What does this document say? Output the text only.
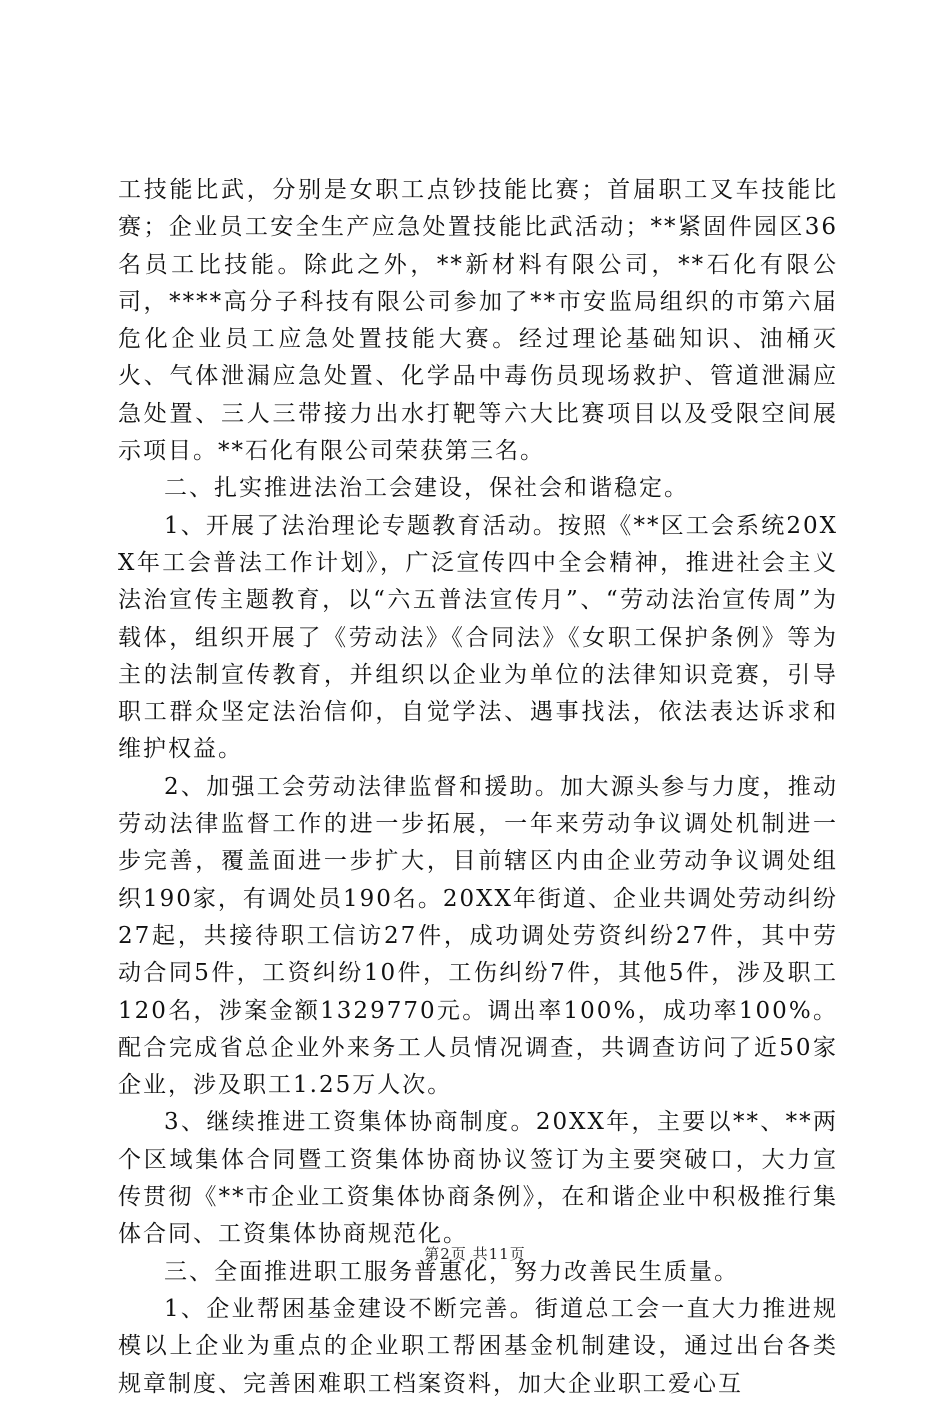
工技能比武，分别是女职工点钞技能比赛；首届职工叉车技能比赛；企业员工安全生产应急处置技能比武活动；**紧固件园区36名员工比技能。除此之外，**新材料有限公司，**石化有限公司，****高分子科技有限公司参加了**市安监局组织的市第六届危化企业员工应急处置技能大赛。经过理论基础知识、油桶灭火、气体泄漏应急处置、化学品中毒伤员现场救护、管道泄漏应急处置、三人三带接力出水打靶等六大比赛项目以及受限空间展示项目。**石化有限公司荣获第三名。

二、扎实推进法治工会建设，保社会和谐稳定。

1、开展了法治理论专题教育活动。按照《**区工会系统20XX年工会普法工作计划》，广泛宣传四中全会精神，推进社会主义法治宣传主题教育，以“六五普法宣传月”、“劳动法治宣传周”为载体，组织开展了《劳动法》《合同法》《女职工保护条例》等为主的法制宣传教育，并组织以企业为单位的法律知识竞赛，引导职工群众坚定法治信仰，自觉学法、遇事找法，依法表达诉求和维护权益。

2、加强工会劳动法律监督和援助。加大源头参与力度，推动劳动法律监督工作的进一步拓展，一年来劳动争议调处机制进一步完善，覆盖面进一步扩大，目前辖区内由企业劳动争议调处组织190家，有调处员190名。20XX年街道、企业共调处劳动纠纷27起，共接待职工信访27件，成功调处劳资纠纷27件，其中劳动合同5件，工资纠纷10件，工伤纠纷7件，其他5件，涉及职工120名，涉案金额1329770元。调出率100%，成功率100%。配合完成省总企业外来务工人员情况调查，共调查访问了近50家企业，涉及职工1.25万人次。

3、继续推进工资集体协商制度。20XX年，主要以**、**两个区域集体合同暨工资集体协商协议签订为主要突破口，大力宣传贯彻《**市企业工资集体协商条例》，在和谐企业中积极推行集体合同、工资集体协商规范化。

三、全面推进职工服务普惠化，努力改善民生质量。

1、企业帮困基金建设不断完善。街道总工会一直大力推进规模以上企业为重点的企业职工帮困基金机制建设，通过出台各类规章制度、完善困难职工档案资料，加大企业职工爱心互

第2页 共11页
